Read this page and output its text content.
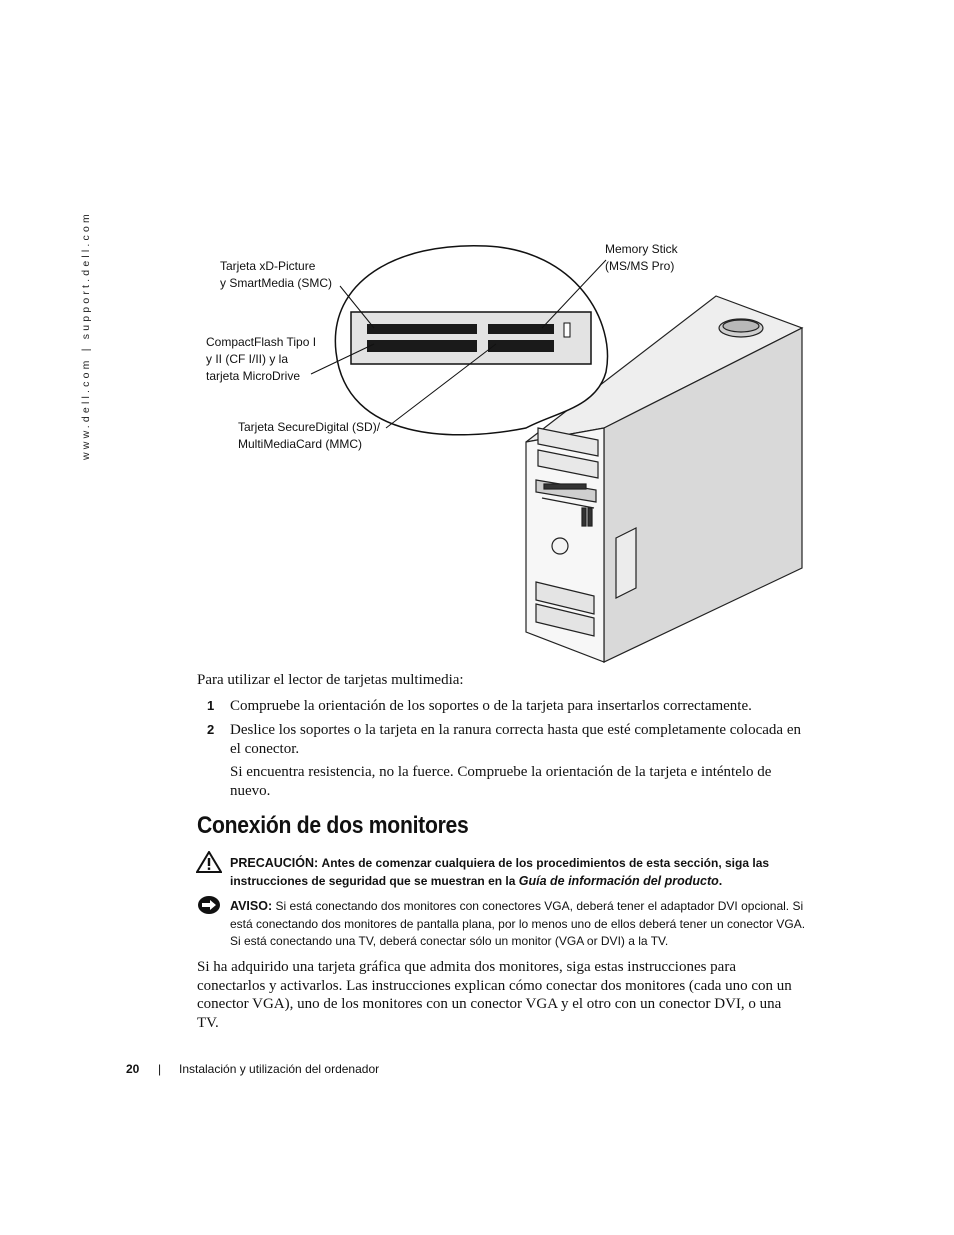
www.dell.com | support.dell.com	Tarjeta xD-Picture
y SmartMedia (SMC)
CompactFlash Tipo I
y II (CF I/II) y la
tarjeta MicroDrive
Tarjeta SecureDigital (SD)/
MultiMediaCard (MMC)
Memory Stick
(MS/MS Pro)
Para utilizar el lector de tarjetas multimedia:
1 Compruebe la orientación de los soportes o de la tarjeta para insertarlos correctamente.
2 Deslice los soportes o la tarjeta en la ranura correcta hasta que esté completamente colocada en el conector.
Si encuentra resistencia, no la fuerce. Compruebe la orientación de la tarjeta e inténtelo de nuevo.
Conexión de dos monitores
PRECAUCIÓN: Antes de comenzar cualquiera de los procedimientos de esta sección, siga las instrucciones de seguridad que se muestran en la Guía de información del producto.
AVISO: Si está conectando dos monitores con conectores VGA, deberá tener el adaptador DVI opcional. Si está conectando dos monitores de pantalla plana, por lo menos uno de ellos deberá tener un conector VGA. Si está conectando una TV, deberá conectar sólo un monitor (VGA or DVI) a la TV.
Si ha adquirido una tarjeta gráfica que admita dos monitores, siga estas instrucciones para conectarlos y activarlos. Las instrucciones explican cómo conectar dos monitores (cada uno con un conector VGA), uno de los monitores con un conector VGA y el otro con un conector DVI, o una TV.
20 | Instalación y utilización del ordenador
